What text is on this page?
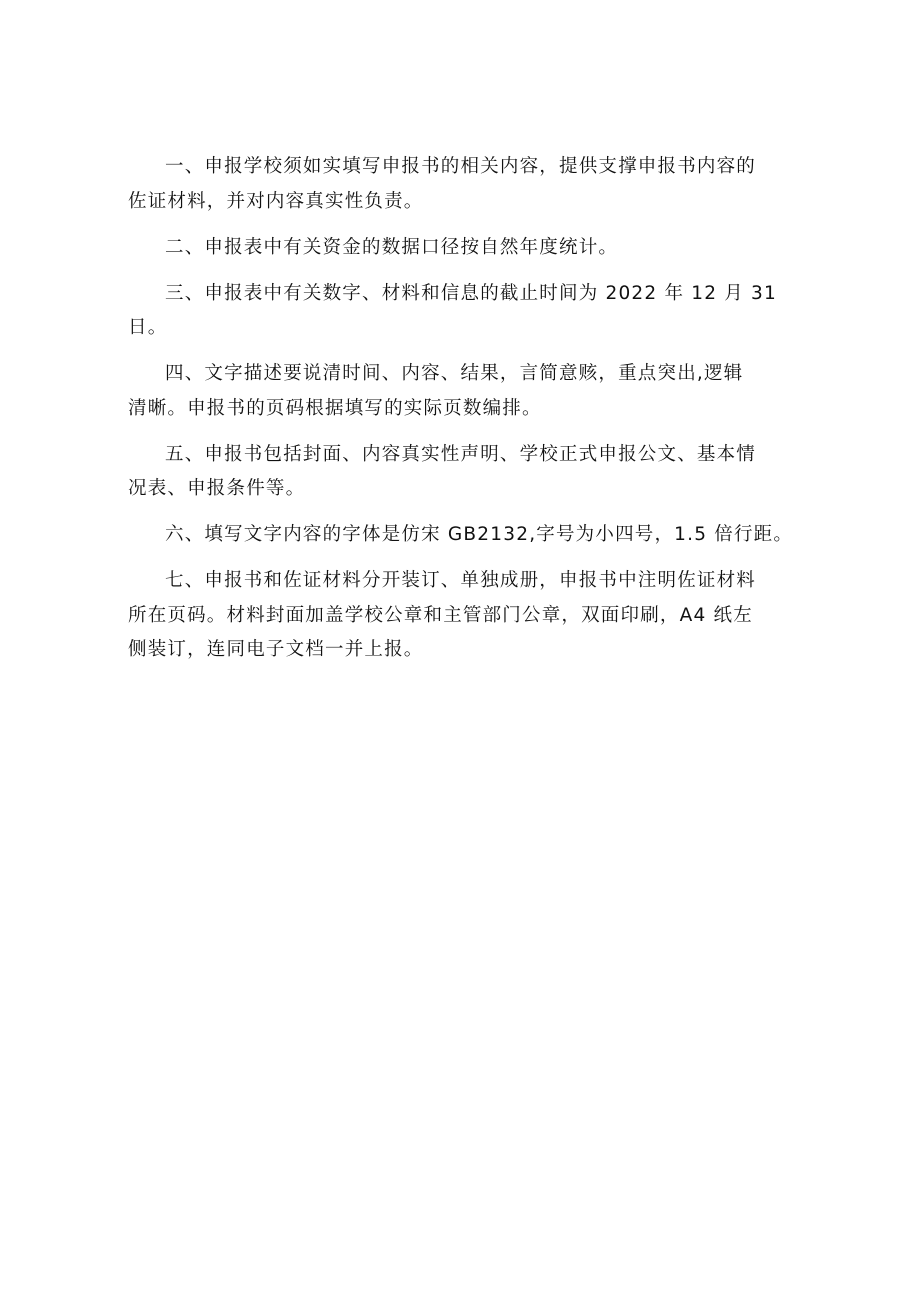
一、申报学校须如实填写申报书的相关内容，提供支撑申报书内容的
佐证材料，并对内容真实性负责。

二、申报表中有关资金的数据口径按自然年度统计。

三、申报表中有关数字、材料和信息的截止时间为 2022 年 12 月 31
日。

四、文字描述要说清时间、内容、结果，言简意赅，重点突出,逻辑
清晰。申报书的页码根据填写的实际页数编排。

五、申报书包括封面、内容真实性声明、学校正式申报公文、基本情
况表、申报条件等。

六、填写文字内容的字体是仿宋 GB2132,字号为小四号，1.5 倍行距。

七、申报书和佐证材料分开装订、单独成册，申报书中注明佐证材料
所在页码。材料封面加盖学校公章和主管部门公章，双面印刷，A4 纸左
侧装订，连同电子文档一并上报。
